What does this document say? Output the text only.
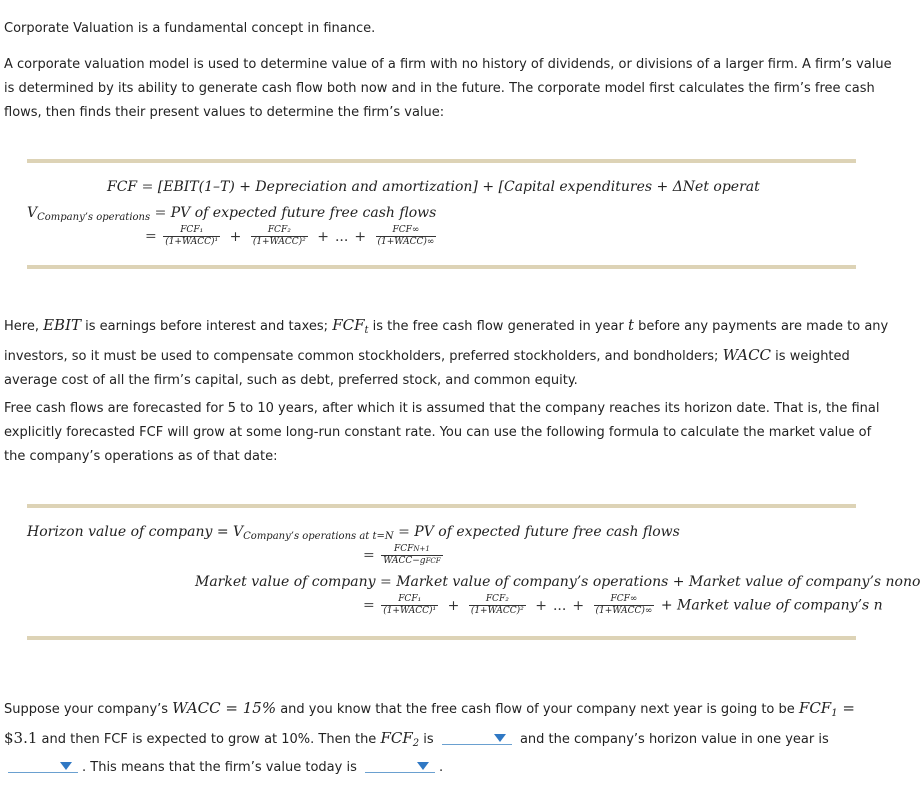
Corporate Valuation is a fundamental concept in finance.

A corporate valuation model is used to determine value of a firm with no history of dividends, or divisions of a larger firm. A firm’s value is determined by its ability to generate cash flow both now and in the future. The corporate model first calculates the firm’s free cash flows, then finds their present values to determine the firm’s value:

FCF = [EBIT(1–T) + Depreciation and amortization] + [Capital expenditures + ΔNet operat
$V_{Company’s operations}$ = PV of expected future free cash flows
= $\frac{\text{FCF₁}}{\text{(1+WACC)¹}} + \frac{\text{FCF₂}}{\text{(1+WACC)²}}$ + ... + $\frac{\text{FCF∞}}{\text{(1+WACC)∞}}$

Here, EBIT is earnings before interest and taxes; $FCF_t$ is the free cash flow generated in year t before any payments are made to any investors, so it must be used to compensate common stockholders, preferred stockholders, and bondholders; WACC is weighted average cost of all the firm’s capital, such as debt, preferred stock, and common equity.

Free cash flows are forecasted for 5 to 10 years, after which it is assumed that the company reaches its horizon date. That is, the final explicitly forecasted FCF will grow at some long-run constant rate. You can use the following formula to calculate the market value of the company’s operations as of that date:

Horizon value of company = $V_{Company’s operations at t=N}$ = PV of expected future free cash flows
= $\frac{\text{FCFN+1}}{\text{WACC−gFCF}}$
Market value of company = Market value of company’s operations + Market value of company’s nono
= $\frac{\text{FCF₁}}{\text{(1+WACC)¹}} + \frac{\text{FCF₂}}{\text{(1+WACC)²}}$ + ... + $\frac{\text{FCF∞}}{\text{(1+WACC)∞}}$ + Market value of company’s n

Suppose your company’s WACC = 15% and you know that the free cash flow of your company next year is going to be $FCF_1$ = $3.1 and then FCF is expected to grow at 10%. Then the $FCF_2$ is	and the company’s horizon value in one year is
. This means that the firm’s value today is	.
